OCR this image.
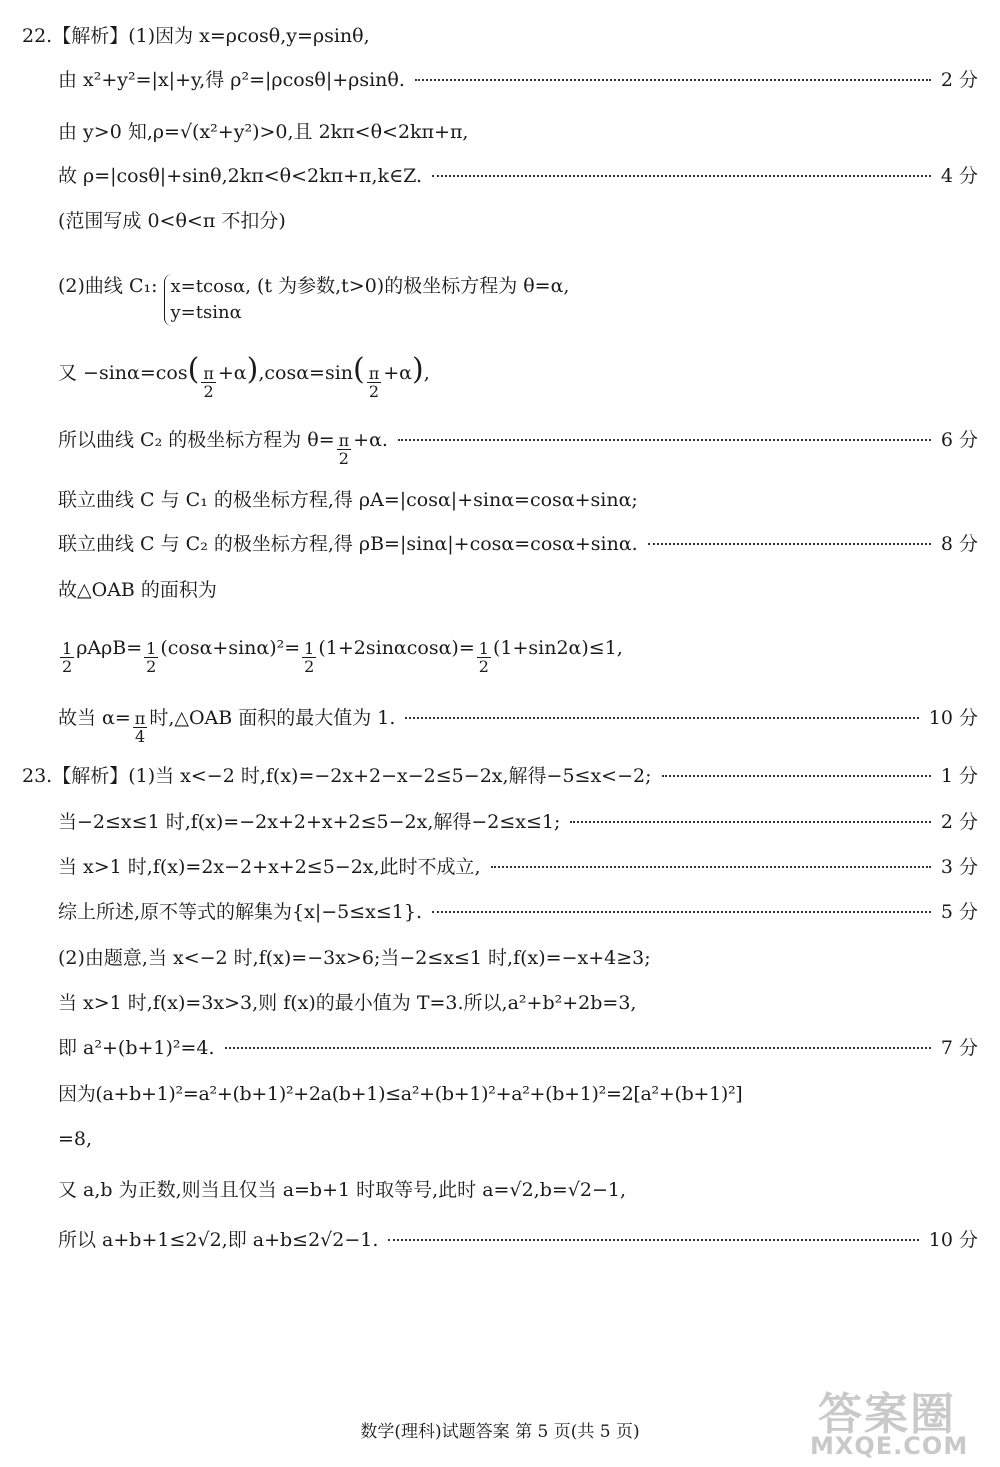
22.【解析】(1)因为 x=ρcosθ,y=ρsinθ,
由 x²+y²=|x|+y,得 ρ²=|ρcosθ|+ρsinθ.	2 分
由 y>0 知,ρ=√(x²+y²)>0,且 2kπ<θ<2kπ+π,
故 ρ=|cosθ|+sinθ,2kπ<θ<2kπ+π,k∈Z.	4 分
(范围写成 0<θ<π 不扣分)
(2)曲线 C₁: x=tcosα,
y=tsinα
(t 为参数,t>0)的极坐标方程为 θ=α,
又 −sinα=cos ( $\frac{\pi}{2} +\alpha$ ) ,cosα=sin ( $\frac{\pi}{2} +\alpha$ ) ,
所以曲线 C₂ 的极坐标方程为 $\theta= \frac{\pi}{2} +\alpha$.	6 分
联立曲线 C 与 C₁ 的极坐标方程,得 ρA=|cosα|+sinα=cosα+sinα;
联立曲线 C 与 C₂ 的极坐标方程,得 ρB=|sinα|+cosα=cosα+sinα.	8 分
故△OAB 的面积为
$\frac{1}{2} \rho A\rho B= \frac{1}{2} (\cos\alpha+\sin\alpha)^2= \frac{1}{2} (1+2\sin\alpha\cos\alpha)= \frac{1}{2} (1+\sin 2\alpha)\le 1$,
故当 $\alpha= \frac{\pi}{4}$ 时,△OAB 面积的最大值为 1.	10 分
23.【解析】(1)当 x<−2 时,f(x)=−2x+2−x−2≤5−2x,解得−5≤x<−2;	1 分
当−2≤x≤1 时,f(x)=−2x+2+x+2≤5−2x,解得−2≤x≤1;	2 分
当 x>1 时,f(x)=2x−2+x+2≤5−2x,此时不成立,	3 分
综上所述,原不等式的解集为{x|−5≤x≤1}.	5 分
(2)由题意,当 x<−2 时,f(x)=−3x>6;当−2≤x≤1 时,f(x)=−x+4≥3;
当 x>1 时,f(x)=3x>3,则 f(x)的最小值为 T=3.所以,a²+b²+2b=3,
即 a²+(b+1)²=4.	7 分
因为(a+b+1)²=a²+(b+1)²+2a(b+1)≤a²+(b+1)²+a²+(b+1)²=2[a²+(b+1)²]
=8,
又 a,b 为正数,则当且仅当 a=b+1 时取等号,此时 a=√2,b=√2−1,
所以 a+b+1≤2√2,即 a+b≤2√2−1.	10 分
数学(理科)试题答案 第 5 页(共 5 页)	答案圈
MXQE.COM
